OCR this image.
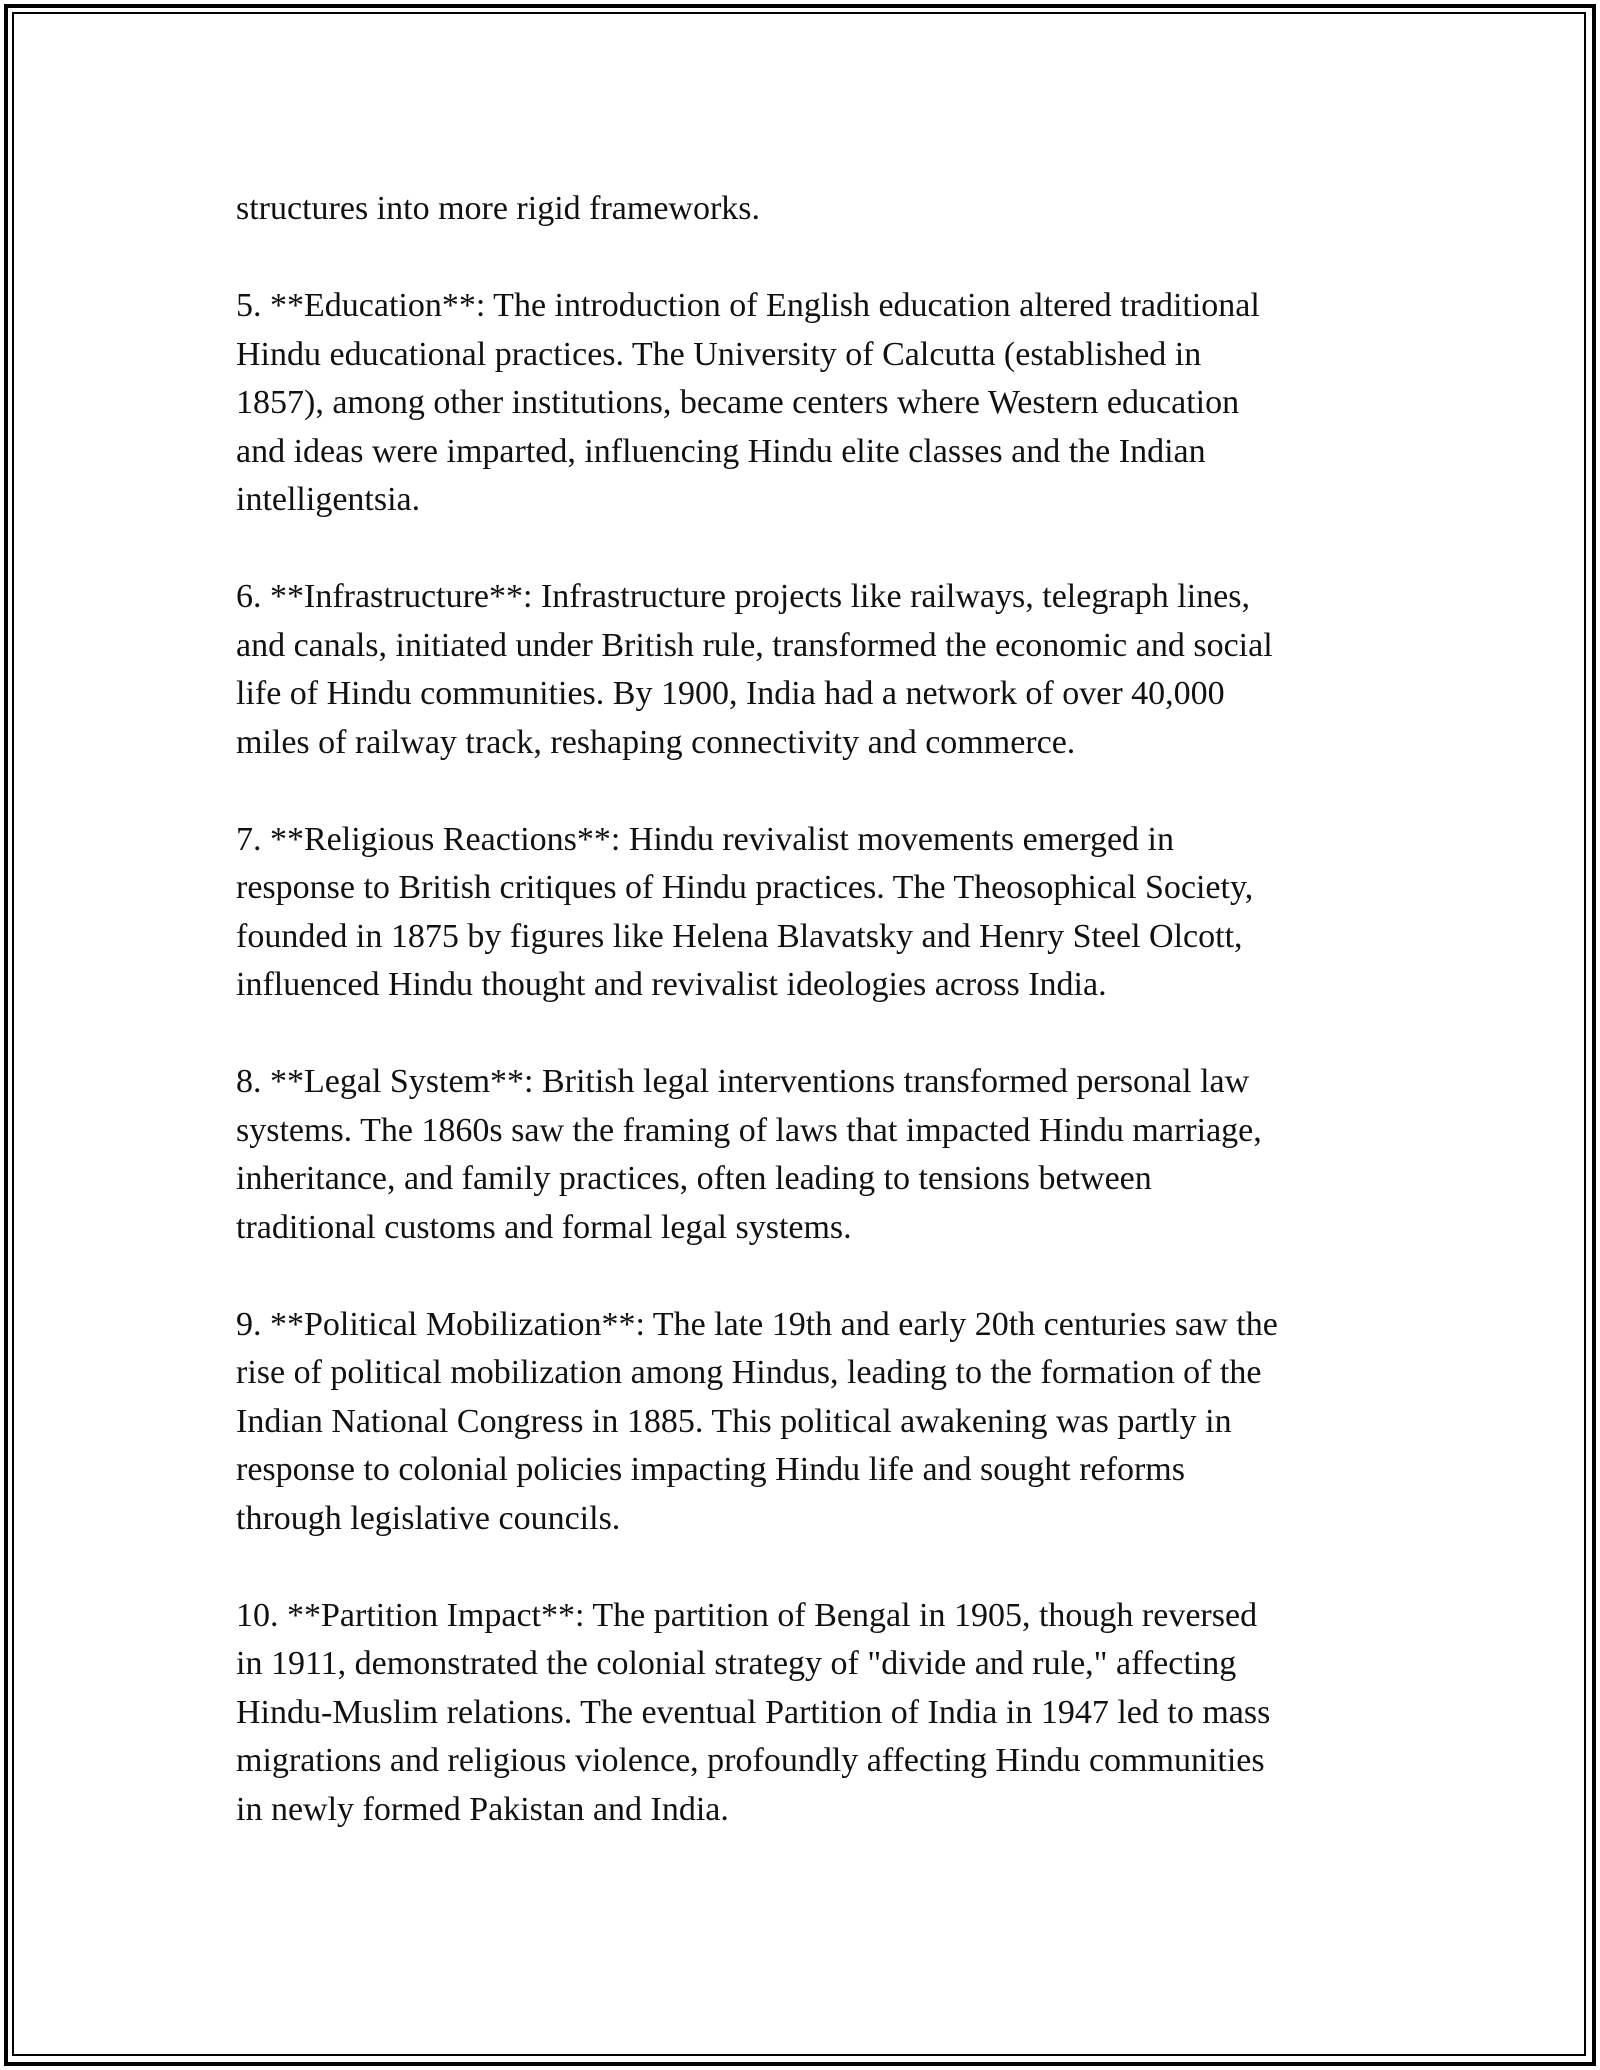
structures into more rigid frameworks.

5. **Education**: The introduction of English education altered traditional
Hindu educational practices. The University of Calcutta (established in
1857), among other institutions, became centers where Western education
and ideas were imparted, influencing Hindu elite classes and the Indian
intelligentsia.

6. **Infrastructure**: Infrastructure projects like railways, telegraph lines,
and canals, initiated under British rule, transformed the economic and social
life of Hindu communities. By 1900, India had a network of over 40,000
miles of railway track, reshaping connectivity and commerce.

7. **Religious Reactions**: Hindu revivalist movements emerged in
response to British critiques of Hindu practices. The Theosophical Society,
founded in 1875 by figures like Helena Blavatsky and Henry Steel Olcott,
influenced Hindu thought and revivalist ideologies across India.

8. **Legal System**: British legal interventions transformed personal law
systems. The 1860s saw the framing of laws that impacted Hindu marriage,
inheritance, and family practices, often leading to tensions between
traditional customs and formal legal systems.

9. **Political Mobilization**: The late 19th and early 20th centuries saw the
rise of political mobilization among Hindus, leading to the formation of the
Indian National Congress in 1885. This political awakening was partly in
response to colonial policies impacting Hindu life and sought reforms
through legislative councils.

10. **Partition Impact**: The partition of Bengal in 1905, though reversed
in 1911, demonstrated the colonial strategy of "divide and rule," affecting
Hindu-Muslim relations. The eventual Partition of India in 1947 led to mass
migrations and religious violence, profoundly affecting Hindu communities
in newly formed Pakistan and India.
